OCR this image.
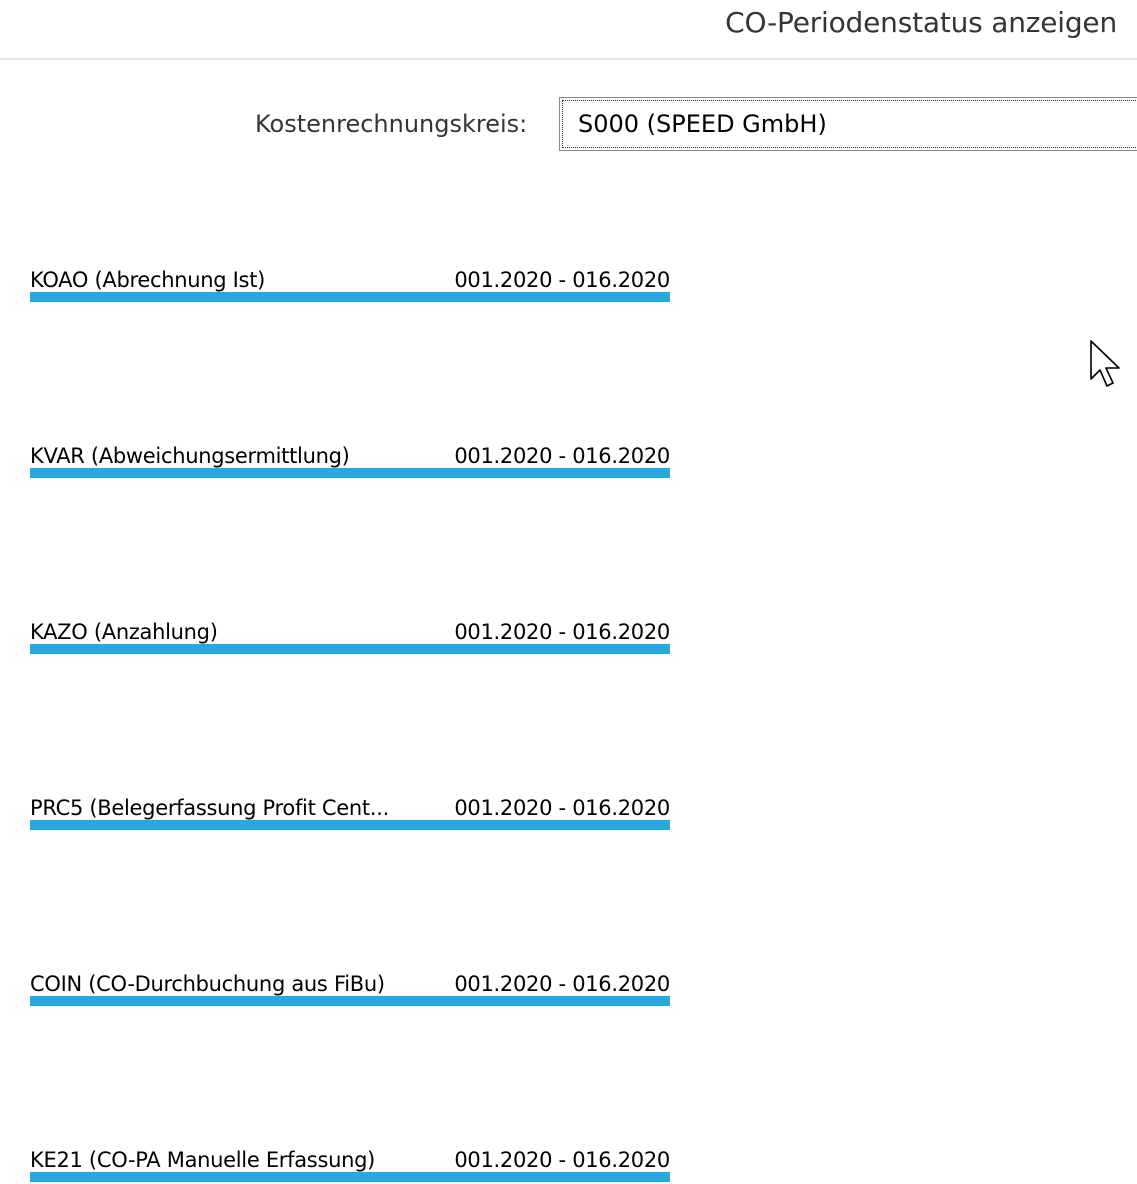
CO-Periodenstatus anzeigen
Kostenrechnungskreis: S000 (SPEED GmbH)
KOAO (Abrechnung Ist)	001.2020 - 016.2020
KVAR (Abweichungsermittlung)	001.2020 - 016.2020
KAZO (Anzahlung)	001.2020 - 016.2020
PRC5 (Belegerfassung Profit Cent...	001.2020 - 016.2020
COIN (CO-Durchbuchung aus FiBu)	001.2020 - 016.2020
KE21 (CO-PA Manuelle Erfassung)	001.2020 - 016.2020
